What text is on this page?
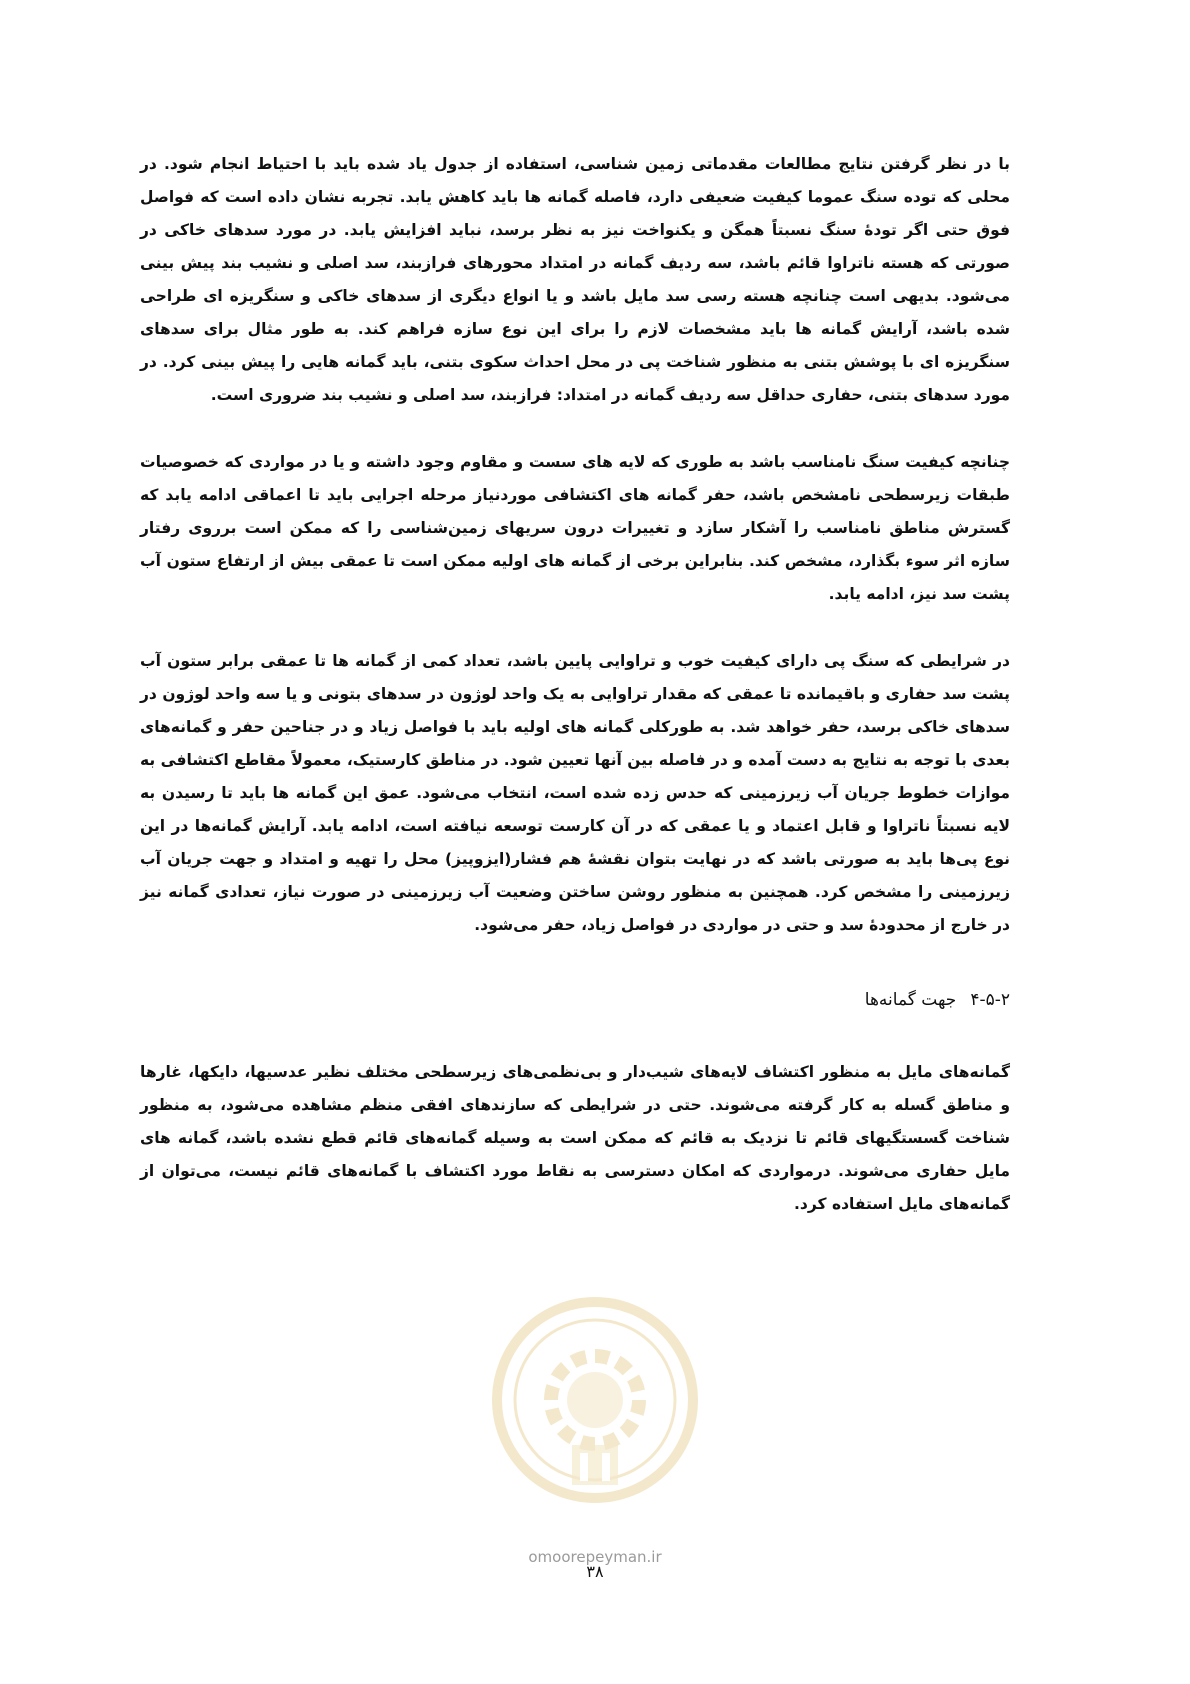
با در نظر گرفتن نتایج مطالعات مقدماتی زمین شناسی، استفاده از جدول یاد شده باید با احتیاط انجام شود. در محلی که توده سنگ عموما کیفیت ضعیفی دارد، فاصله گمانه ها باید کاهش یابد. تجربه نشان داده است که فواصل فوق حتی اگر تودهٔ سنگ نسبتاً همگن و یکنواخت نیز به نظر برسد، نباید افزایش یابد. در مورد سدهای خاکی در صورتی که هسته ناتراوا قائم باشد، سه ردیف گمانه در امتداد محورهای فرازبند، سد اصلی و نشیب بند پیش بینی می‌شود. بدیهی است چنانچه هسته رسی سد مایل باشد و یا انواع دیگری از سدهای خاکی و سنگریزه ای طراحی شده باشد، آرایش گمانه ها باید مشخصات لازم را برای این نوع سازه فراهم کند. به طور مثال برای سدهای سنگریزه ای با پوشش بتنی به منظور شناخت پی در محل احداث سکوی بتنی، باید گمانه هایی را پیش بینی کرد. در مورد سدهای بتنی، حفاری حداقل سه ردیف گمانه در امتداد: فرازبند، سد اصلی و نشیب بند ضروری است.

چنانچه کیفیت سنگ نامناسب باشد به طوری که لایه های سست و مقاوم وجود داشته و یا در مواردی که خصوصیات طبقات زیرسطحی نامشخص باشد، حفر گمانه های اکتشافی موردنیاز مرحله اجرایی باید تا اعماقی ادامه یابد که گسترش مناطق نامناسب را آشکار سازد و تغییرات درون سریهای زمین‌شناسی را که ممکن است برروی رفتار سازه اثر سوء بگذارد، مشخص کند. بنابراین برخی از گمانه های اولیه ممکن است تا عمقی بیش از ارتفاع ستون آب پشت سد نیز، ادامه یابد.

در شرایطی که سنگ پی دارای کیفیت خوب و تراوایی پایین باشد، تعداد کمی از گمانه ها تا عمقی برابر ستون آب پشت سد حفاری و باقیمانده تا عمقی که مقدار تراوایی به یک واحد لوژون در سدهای بتونی و یا سه واحد لوژون در سدهای خاکی برسد، حفر خواهد شد. به طورکلی گمانه های اولیه باید با فواصل زیاد و در جناحین حفر و گمانه‌های بعدی با توجه به نتایج به دست آمده و در فاصله بین آنها تعیین شود. در مناطق کارستیک، معمولاً مقاطع اکتشافی به موازات خطوط جریان آب زیرزمینی که حدس زده شده است، انتخاب می‌شود. عمق این گمانه ها باید تا رسیدن به لایه نسبتاً ناتراوا و قابل اعتماد و یا عمقی که در آن کارست توسعه نیافته است، ادامه یابد. آرایش گمانه‌ها در این نوع پی‌ها باید به صورتی باشد که در نهایت بتوان نقشهٔ هم فشار(ایزوپیز) محل را تهیه و امتداد و جهت جریان آب زیرزمینی را مشخص کرد. همچنین به منظور روشن ساختن وضعیت آب زیرزمینی در صورت نیاز، تعدادی گمانه نیز در خارج از محدودهٔ سد و حتی در مواردی در فواصل زیاد، حفر می‌شود.

۴-۵-۲
جهت گمانه‌ها

گمانه‌های مایل به منظور اکتشاف لایه‌های شیب‌دار و بی‌نظمی‌های زیرسطحی مختلف نظیر عدسیها، دایکها، غارها و مناطق گسله به کار گرفته می‌شوند. حتی در شرایطی که سازندهای افقی منظم مشاهده می‌شود، به منظور شناخت گسستگیهای قائم تا نزدیک به قائم که ممکن است به وسیله گمانه‌های قائم قطع نشده باشد، گمانه های مایل حفاری می‌شوند. درمواردی که امکان دسترسی به نقاط مورد اکتشاف با گمانه‌های قائم نیست، می‌توان از گمانه‌های مایل استفاده کرد.

omoorepeyman.ir
۳۸
